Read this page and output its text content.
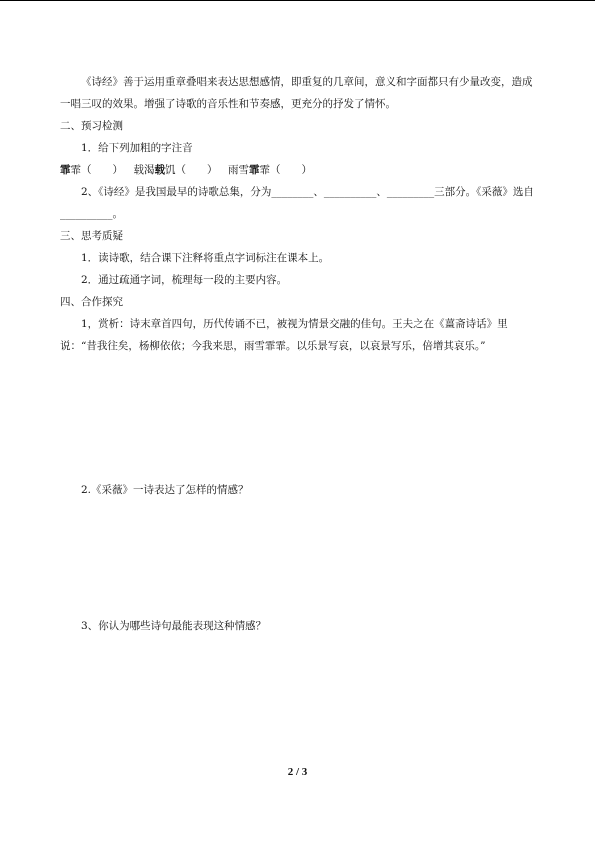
《诗经》善于运用重章叠唱来表达思想感情，即重复的几章间，意义和字面都只有少量改变，造成一唱三叹的效果。增强了诗歌的音乐性和节奏感，更充分的抒发了情怀。

二、预习检测

1．给下列加粗的字注音

霏霏（　　）  载渴载饥（　　）  雨雪霏霏（　　）

2、《诗经》是我国最早的诗歌总集，分为________、__________、_________三部分。《采薇》选自__________。

三、思考质疑

1．读诗歌，结合课下注释将重点字词标注在课本上。

2．通过疏通字词，梳理每一段的主要内容。

四、合作探究

1，赏析：诗末章首四句，历代传诵不已，被视为情景交融的佳句。王夫之在《薑斋诗话》里说：“昔我往矣，杨柳依依；今我来思，雨雪霏霏。以乐景写哀，以哀景写乐，倍增其哀乐。”

2.《采薇》一诗表达了怎样的情感？

3、你认为哪些诗句最能表现这种情感？

2 / 3
